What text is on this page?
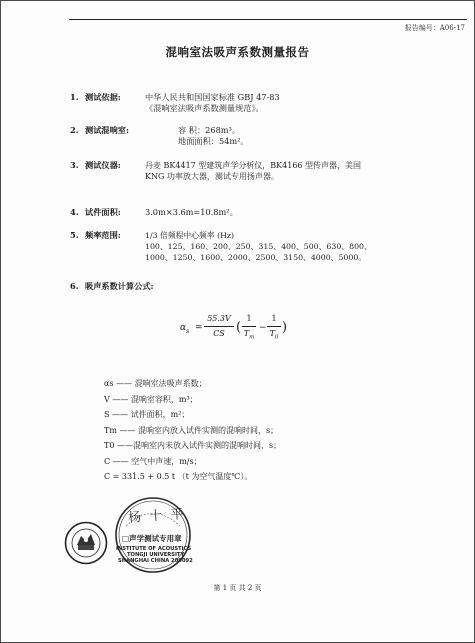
报告编号：A06-17
混响室法吸声系数测量报告
1. 测试依据:	中华人民共和国国家标准 GBJ 47-83
《混响室法吸声系数测量规范》。
2. 测试混响室:	容 积：268m³。
地面面积：54m²。
3. 测试仪器:	丹麦 BK4417 型建筑声学分析仪，BK4166 型传声器，美国
KNG 功率放大器，测试专用扬声器。
4. 试件面积:	3.0m×3.6m=10.8m²。
5. 频率范围:	1/3 倍频程中心频率 (Hz)
100、125、160、200、250、315、400、500、630、800、
1000、1250、1600、2000、2500、3150、4000、5000。
6. 吸声系数计算公式:
$\alpha_s$ =
55.3V
CS (
1
$T_m$
−
1
$T_0$
)
αs —— 混响室法吸声系数；
V —— 混响室容积，m³；
S —— 试件面积，m²；
Tm —— 混响室内放入试件实测的混响时间，s；
T0 ——混响室内未放入试件实测的混响时间，s；
C —— 空气中声速，m/s；
C = 331.5 + 0.5 t （t 为空气温度℃）。
杨 十 平
□声学测试专用章
INSTITUTE OF ACOUSTICS
TONGJI UNIVERSITY
SHANGHAI CHINA 200092
第 1 页 共 2 页
